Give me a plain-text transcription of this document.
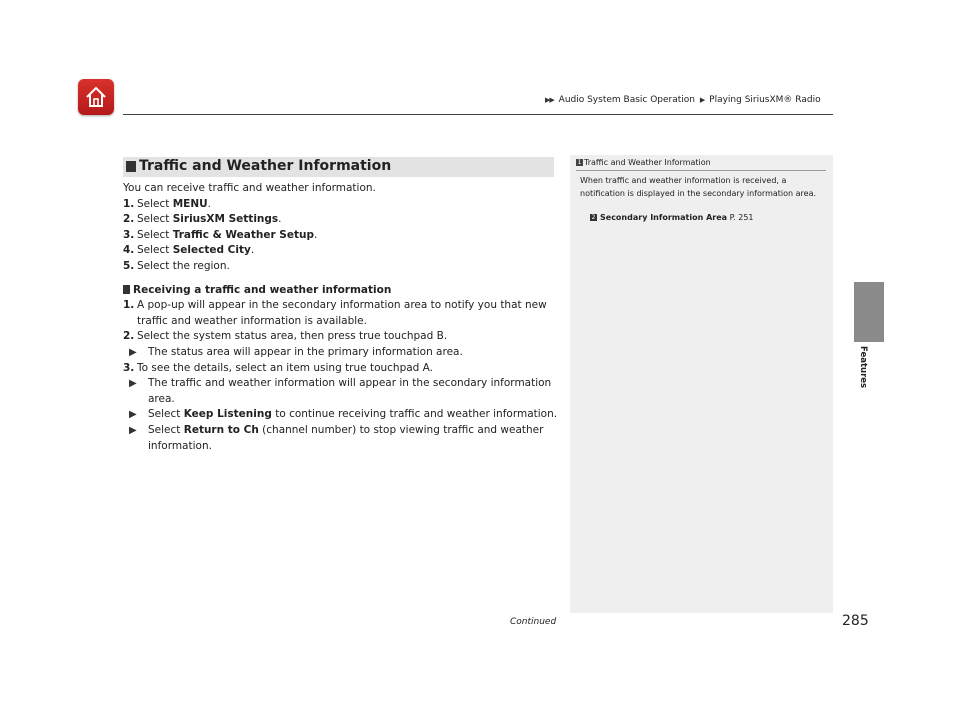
▶▶ Audio System Basic Operation ▶ Playing SiriusXM® Radio
Features
Traffic and Weather Information

You can receive traffic and weather information.

1. Select MENU.
2. Select SiriusXM Settings.
3. Select Traffic & Weather Setup.
4. Select Selected City.
5. Select the region.
Receiving a traffic and weather information
1. A pop-up will appear in the secondary information area to notify you that new traffic and weather information is available.
2. Select the system status area, then press true touchpad B.
▶	The status area will appear in the primary information area.
3. To see the details, select an item using true touchpad A.
▶	The traffic and weather information will appear in the secondary information area.
▶	Select Keep Listening to continue receiving traffic and weather information.
▶	Select Return to Ch (channel number) to stop viewing traffic and weather information.
1 Traffic and Weather Information
When traffic and weather information is received, a notification is displayed in the secondary information area.
2 Secondary Information Area P. 251
Continued	285
